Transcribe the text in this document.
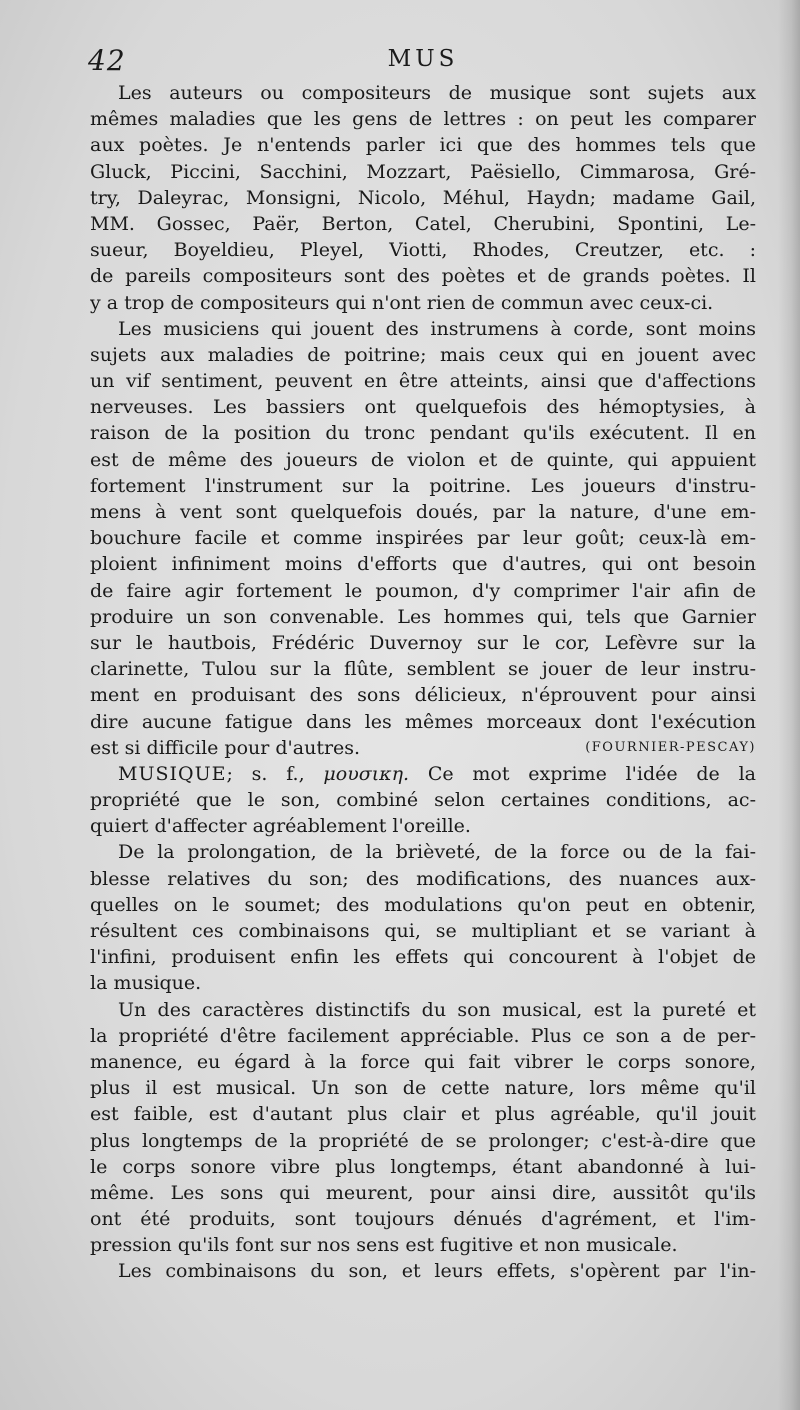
42	MUS
Les auteurs ou compositeurs de musique sont sujets aux
mêmes maladies que les gens de lettres : on peut les comparer
aux poètes. Je n'entends parler ici que des hommes tels que
Gluck, Piccini, Sacchini, Mozzart, Paësiello, Cimmarosa, Gré-
try, Daleyrac, Monsigni, Nicolo, Méhul, Haydn; madame Gail,
MM. Gossec, Paër, Berton, Catel, Cherubini, Spontini, Le-
sueur, Boyeldieu, Pleyel, Viotti, Rhodes, Creutzer, etc. :
de pareils compositeurs sont des poètes et de grands poètes. Il
y a trop de compositeurs qui n'ont rien de commun avec ceux-ci.
Les musiciens qui jouent des instrumens à corde, sont moins
sujets aux maladies de poitrine; mais ceux qui en jouent avec
un vif sentiment, peuvent en être atteints, ainsi que d'affections
nerveuses. Les bassiers ont quelquefois des hémoptysies, à
raison de la position du tronc pendant qu'ils exécutent. Il en
est de même des joueurs de violon et de quinte, qui appuient
fortement l'instrument sur la poitrine. Les joueurs d'instru-
mens à vent sont quelquefois doués, par la nature, d'une em-
bouchure facile et comme inspirées par leur goût; ceux-là em-
ploient infiniment moins d'efforts que d'autres, qui ont besoin
de faire agir fortement le poumon, d'y comprimer l'air afin de
produire un son convenable. Les hommes qui, tels que Garnier
sur le hautbois, Frédéric Duvernoy sur le cor, Lefèvre sur la
clarinette, Tulou sur la flûte, semblent se jouer de leur instru-
ment en produisant des sons délicieux, n'éprouvent pour ainsi
dire aucune fatigue dans les mêmes morceaux dont l'exécution
est si difficile pour d'autres.	(FOURNIER-PESCAY)
MUSIQUE; s. f., μουσικη. Ce mot exprime l'idée de la
propriété que le son, combiné selon certaines conditions, ac-
quiert d'affecter agréablement l'oreille.
De la prolongation, de la brièveté, de la force ou de la fai-
blesse relatives du son; des modifications, des nuances aux-
quelles on le soumet; des modulations qu'on peut en obtenir,
résultent ces combinaisons qui, se multipliant et se variant à
l'infini, produisent enfin les effets qui concourent à l'objet de
la musique.
Un des caractères distinctifs du son musical, est la pureté et
la propriété d'être facilement appréciable. Plus ce son a de per-
manence, eu égard à la force qui fait vibrer le corps sonore,
plus il est musical. Un son de cette nature, lors même qu'il
est faible, est d'autant plus clair et plus agréable, qu'il jouit
plus longtemps de la propriété de se prolonger; c'est-à-dire que
le corps sonore vibre plus longtemps, étant abandonné à lui-
même. Les sons qui meurent, pour ainsi dire, aussitôt qu'ils
ont été produits, sont toujours dénués d'agrément, et l'im-
pression qu'ils font sur nos sens est fugitive et non musicale.
Les combinaisons du son, et leurs effets, s'opèrent par l'in-
